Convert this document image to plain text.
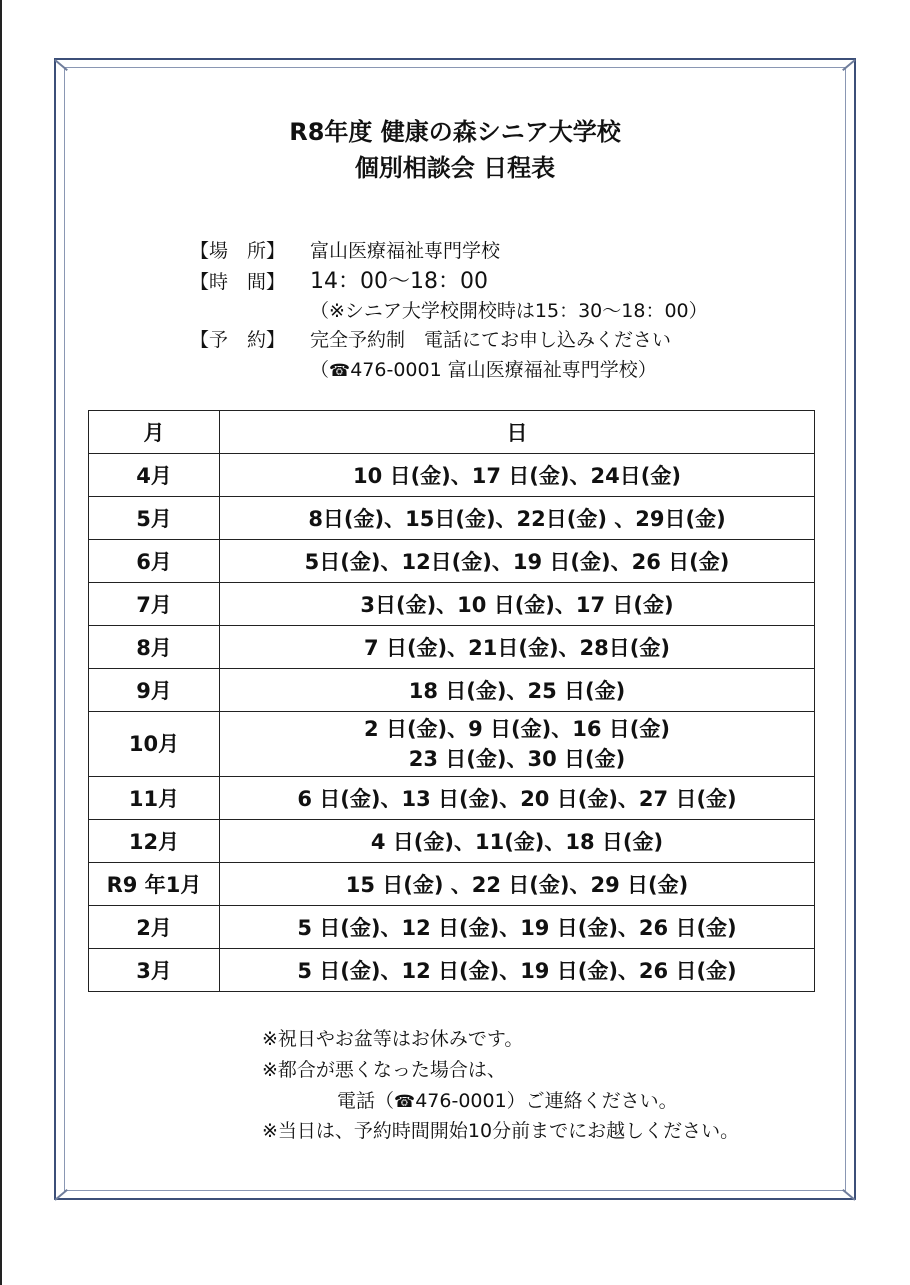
R8年度 健康の森シニア大学校
個別相談会 日程表
【場　所】 富山医療福祉専門学校
【時　間】 14：00～18：00
（※シニア大学校開校時は15：30～18：00）
【予　約】 完全予約制　電話にてお申し込みください
（☎476-0001 富山医療福祉専門学校）
月	日
4月	10 日(金)、17 日(金)、24日(金)
5月	8日(金)、15日(金)、22日(金) 、29日(金)
6月	5日(金)、12日(金)、19 日(金)、26 日(金)
7月	3日(金)、10 日(金)、17 日(金)
8月	7 日(金)、21日(金)、28日(金)
9月	18 日(金)、25 日(金)
10月	2 日(金)、9 日(金)、16 日(金)
23 日(金)、30 日(金)

11月	6 日(金)、13 日(金)、20 日(金)、27 日(金)
12月	4 日(金)、11(金)、18 日(金)
R9 年1月	15 日(金) 、22 日(金)、29 日(金)
2月	5 日(金)、12 日(金)、19 日(金)、26 日(金)
3月	5 日(金)、12 日(金)、19 日(金)、26 日(金)
※祝日やお盆等はお休みです。
※都合が悪くなった場合は、
電話（☎476-0001）ご連絡ください。
※当日は、予約時間開始10分前までにお越しください。
